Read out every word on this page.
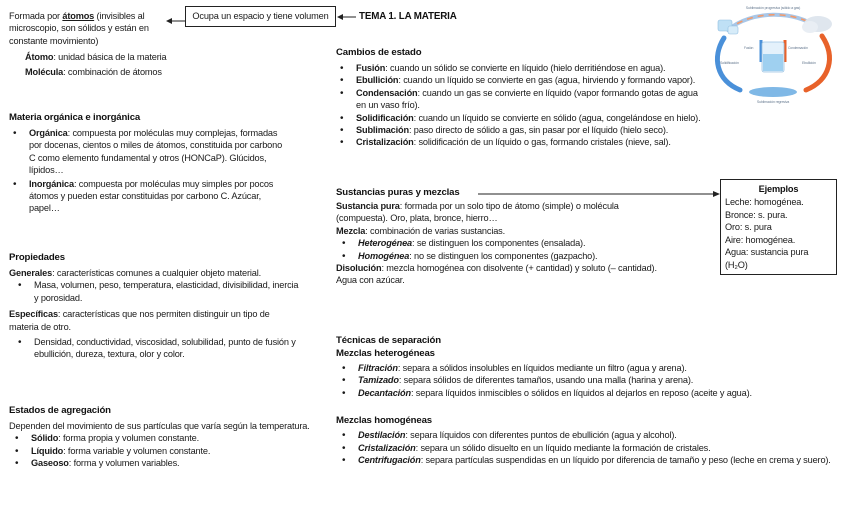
Formada por átomos (invisibles al
microscopio, son sólidos y están en
constante movimiento)
Átomo: unidad básica de la materia
Molécula: combinación de átomos
Ocupa un espacio y tiene volumen	TEMA 1. LA MATERIA
Sublimación progresiva (sólido a gas)
Solidificación	Ebullición
Fusión	Condensación
Sublimación regresiva
Materia orgánica e inorgánica
• Orgánica: compuesta por moléculas muy complejas, formadas
por docenas, cientos o miles de átomos, constituida por carbono
C como elemento fundamental y otros (HONCaP). Glúcidos,
lípidos…
• Inorgánica: compuesta por moléculas muy simples por pocos
átomos y pueden estar constituidas por carbono C. Azúcar,
papel…
Propiedades
Generales: características comunes a cualquier objeto material.
• Masa, volumen, peso, temperatura, elasticidad, divisibilidad, inercia
y porosidad.
Específicas: características que nos permiten distinguir un tipo de
materia de otro.
• Densidad, conductividad, viscosidad, solubilidad, punto de fusión y
ebullición, dureza, textura, olor y color.
Estados de agregación
Dependen del movimiento de sus partículas que varía según la temperatura.
• Sólido: forma propia y volumen constante.
• Líquido: forma variable y volumen constante.
• Gaseoso: forma y volumen variables.
Cambios de estado
• Fusión: cuando un sólido se convierte en líquido (hielo derritiéndose en agua).
• Ebullición: cuando un líquido se convierte en gas (agua, hirviendo y formando vapor).
• Condensación: cuando un gas se convierte en líquido (vapor formando gotas de agua
en un vaso frío).
• Solidificación: cuando un líquido se convierte en sólido (agua, congelándose en hielo).
• Sublimación: paso directo de sólido a gas, sin pasar por el líquido (hielo seco).
• Cristalización: solidificación de un líquido o gas, formando cristales (nieve, sal).
Sustancias puras y mezclas
Sustancia pura: formada por un solo tipo de átomo (simple) o molécula
(compuesta). Oro, plata, bronce, hierro…
Mezcla: combinación de varias sustancias.
• Heterogénea: se distinguen los componentes (ensalada).
• Homogénea: no se distinguen los componentes (gazpacho).
Disolución: mezcla homogénea con disolvente (+ cantidad) y soluto (– cantidad).
Agua con azúcar.
Ejemplos
Leche: homogénea.
Bronce: s. pura.
Oro: s. pura
Aire: homogénea.
Agua: sustancia pura (H₂O)
Técnicas de separación
Mezclas heterogéneas
• Filtración: separa a sólidos insolubles en líquidos mediante un filtro (agua y arena).
• Tamizado: separa sólidos de diferentes tamaños, usando una malla (harina y arena).
• Decantación: separa líquidos inmiscibles o sólidos en líquidos al dejarlos en reposo (aceite y agua).
Mezclas homogéneas
• Destilación: separa líquidos con diferentes puntos de ebullición (agua y alcohol).
• Cristalización: separa un sólido disuelto en un líquido mediante la formación de cristales.
• Centrifugación: separa partículas suspendidas en un líquido por diferencia de tamaño y peso (leche en crema y suero).
